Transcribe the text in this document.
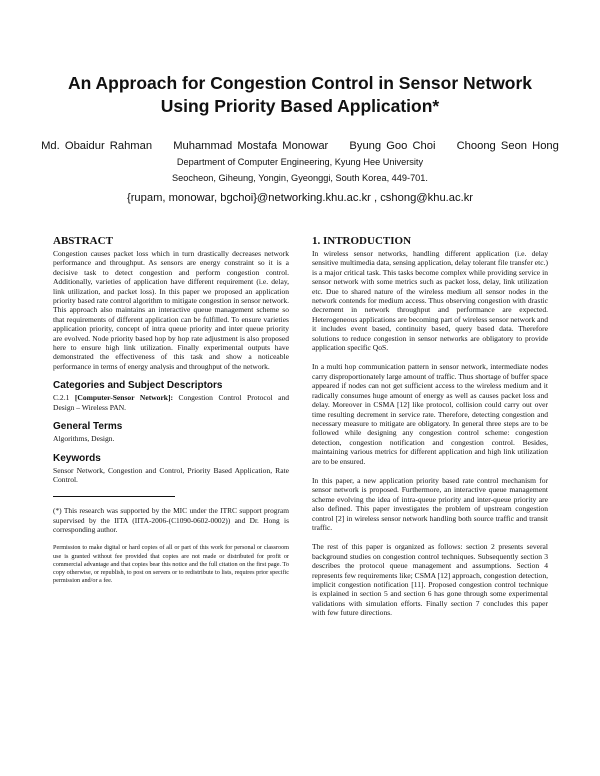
An Approach for Congestion Control in Sensor Network
Using Priority Based Application*
Md. Obaidur Rahman Muhammad Mostafa Monowar Byung Goo Choi Choong Seon Hong
Department of Computer Engineering, Kyung Hee University
Seocheon, Giheung, Yongin, Gyeonggi, South Korea, 449-701.
{rupam, monowar, bgchoi}@networking.khu.ac.kr , cshong@khu.ac.kr
ABSTRACT

Congestion causes packet loss which in turn drastically decreases network performance and throughput. As sensors are energy constraint so it is a decisive task to detect congestion and perform congestion control. Additionally, varieties of application have different requirement (i.e. delay, link utilization, and packet loss). In this paper we proposed an application priority based rate control algorithm to mitigate congestion in sensor network. This approach also maintains an interactive queue management scheme so that requirements of different application can be fulfilled. To ensure varieties application priority, concept of intra queue priority and inter queue priority are evolved. Node priority based hop by hop rate adjustment is also proposed here to ensure high link utilization. Finally experimental outputs have demonstrated the effectiveness of this task and show a noticeable performance in terms of energy analysis and throughput of the network.

Categories and Subject Descriptors

C.2.1 [Computer-Sensor Network]: Congestion Control Protocol and Design – Wireless PAN.

General Terms

Algorithms, Design.

Keywords

Sensor Network, Congestion and Control, Priority Based Application, Rate Control.

(*) This research was supported by the MIC under the ITRC support program supervised by the IITA (IITA-2006-(C1090-0602-0002)) and Dr. Hong is corresponding author.

Permission to make digital or hard copies of all or part of this work for personal or classroom use is granted without fee provided that copies are not made or distributed for profit or commercial advantage and that copies bear this notice and the full citation on the first page. To copy otherwise, or republish, to post on servers or to redistribute to lists, requires prior specific permission and/or a fee.

1. INTRODUCTION

In wireless sensor networks, handling different application (i.e. delay sensitive multimedia data, sensing application, delay tolerant file transfer etc.) is a major critical task. This tasks become complex while providing service in sensor network with some metrics such as packet loss, delay, link utilization etc. Due to shared nature of the wireless medium all sensor nodes in the network contends for medium access. Thus observing congestion with drastic decrement in network throughput and performance are expected. Heterogeneous applications are becoming part of wireless sensor network and it includes event based, continuity based, query based data. Therefore solutions to reduce congestion in sensor networks are obligatory to provide application specific QoS.

In a multi hop communication pattern in sensor network, intermediate nodes carry disproportionately large amount of traffic. Thus shortage of buffer space appeared if nodes can not get sufficient access to the wireless medium and it radically consumes huge amount of energy as well as causes packet loss and delay. Moreover in CSMA [12] like protocol, collision could carry out over time resulting decrement in service rate. Therefore, detecting congestion and necessary measure to mitigate are obligatory. In general three steps are to be followed while designing any congestion control scheme: congestion detection, congestion notification and congestion control. Besides, maintaining various metrics for different application and high link utilization are to be ensured.

In this paper, a new application priority based rate control mechanism for sensor network is proposed. Furthermore, an interactive queue management scheme evolving the idea of intra-queue priority and inter-queue priority are also defined. This paper investigates the problem of upstream congestion control [2] in wireless sensor network handling both source traffic and transit traffic.

The rest of this paper is organized as follows: section 2 presents several background studies on congestion control techniques. Subsequently section 3 describes the protocol queue management and assumptions. Section 4 represents few requirements like; CSMA [12] approach, congestion detection, implicit congestion notification [11]. Proposed congestion control technique is explained in section 5 and section 6 has gone through some experimental validations with simulation efforts. Finally section 7 concludes this paper with few future directions.
